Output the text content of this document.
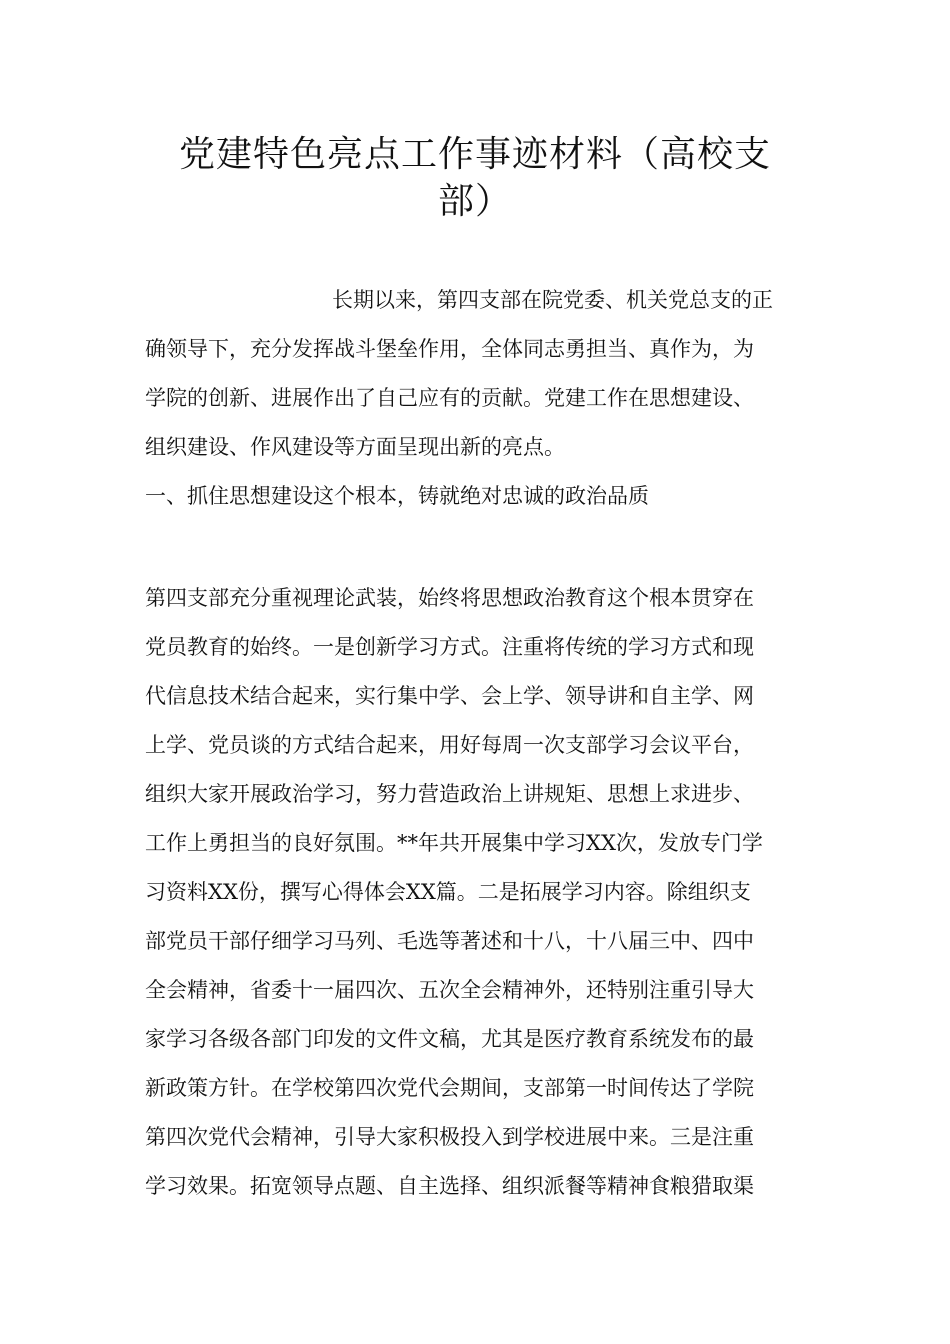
党建特色亮点工作事迹材料（高校支
部）
长期以来，第四支部在院党委、机关党总支的正
确领导下，充分发挥战斗堡垒作用，全体同志勇担当、真作为，为
学院的创新、进展作出了自己应有的贡献。党建工作在思想建设、
组织建设、作风建设等方面呈现出新的亮点。
一、抓住思想建设这个根本，铸就绝对忠诚的政治品质
第四支部充分重视理论武装，始终将思想政治教育这个根本贯穿在
党员教育的始终。一是创新学习方式。注重将传统的学习方式和现
代信息技术结合起来，实行集中学、会上学、领导讲和自主学、网
上学、党员谈的方式结合起来，用好每周一次支部学习会议平台，
组织大家开展政治学习，努力营造政治上讲规矩、思想上求进步、
工作上勇担当的良好氛围。**年共开展集中学习XX次，发放专门学
习资料XX份，撰写心得体会XX篇。二是拓展学习内容。除组织支
部党员干部仔细学习马列、毛选等著述和十八，十八届三中、四中
全会精神，省委十一届四次、五次全会精神外，还特别注重引导大
家学习各级各部门印发的文件文稿，尤其是医疗教育系统发布的最
新政策方针。在学校第四次党代会期间，支部第一时间传达了学院
第四次党代会精神，引导大家积极投入到学校进展中来。三是注重
学习效果。拓宽领导点题、自主选择、组织派餐等精神食粮猎取渠
